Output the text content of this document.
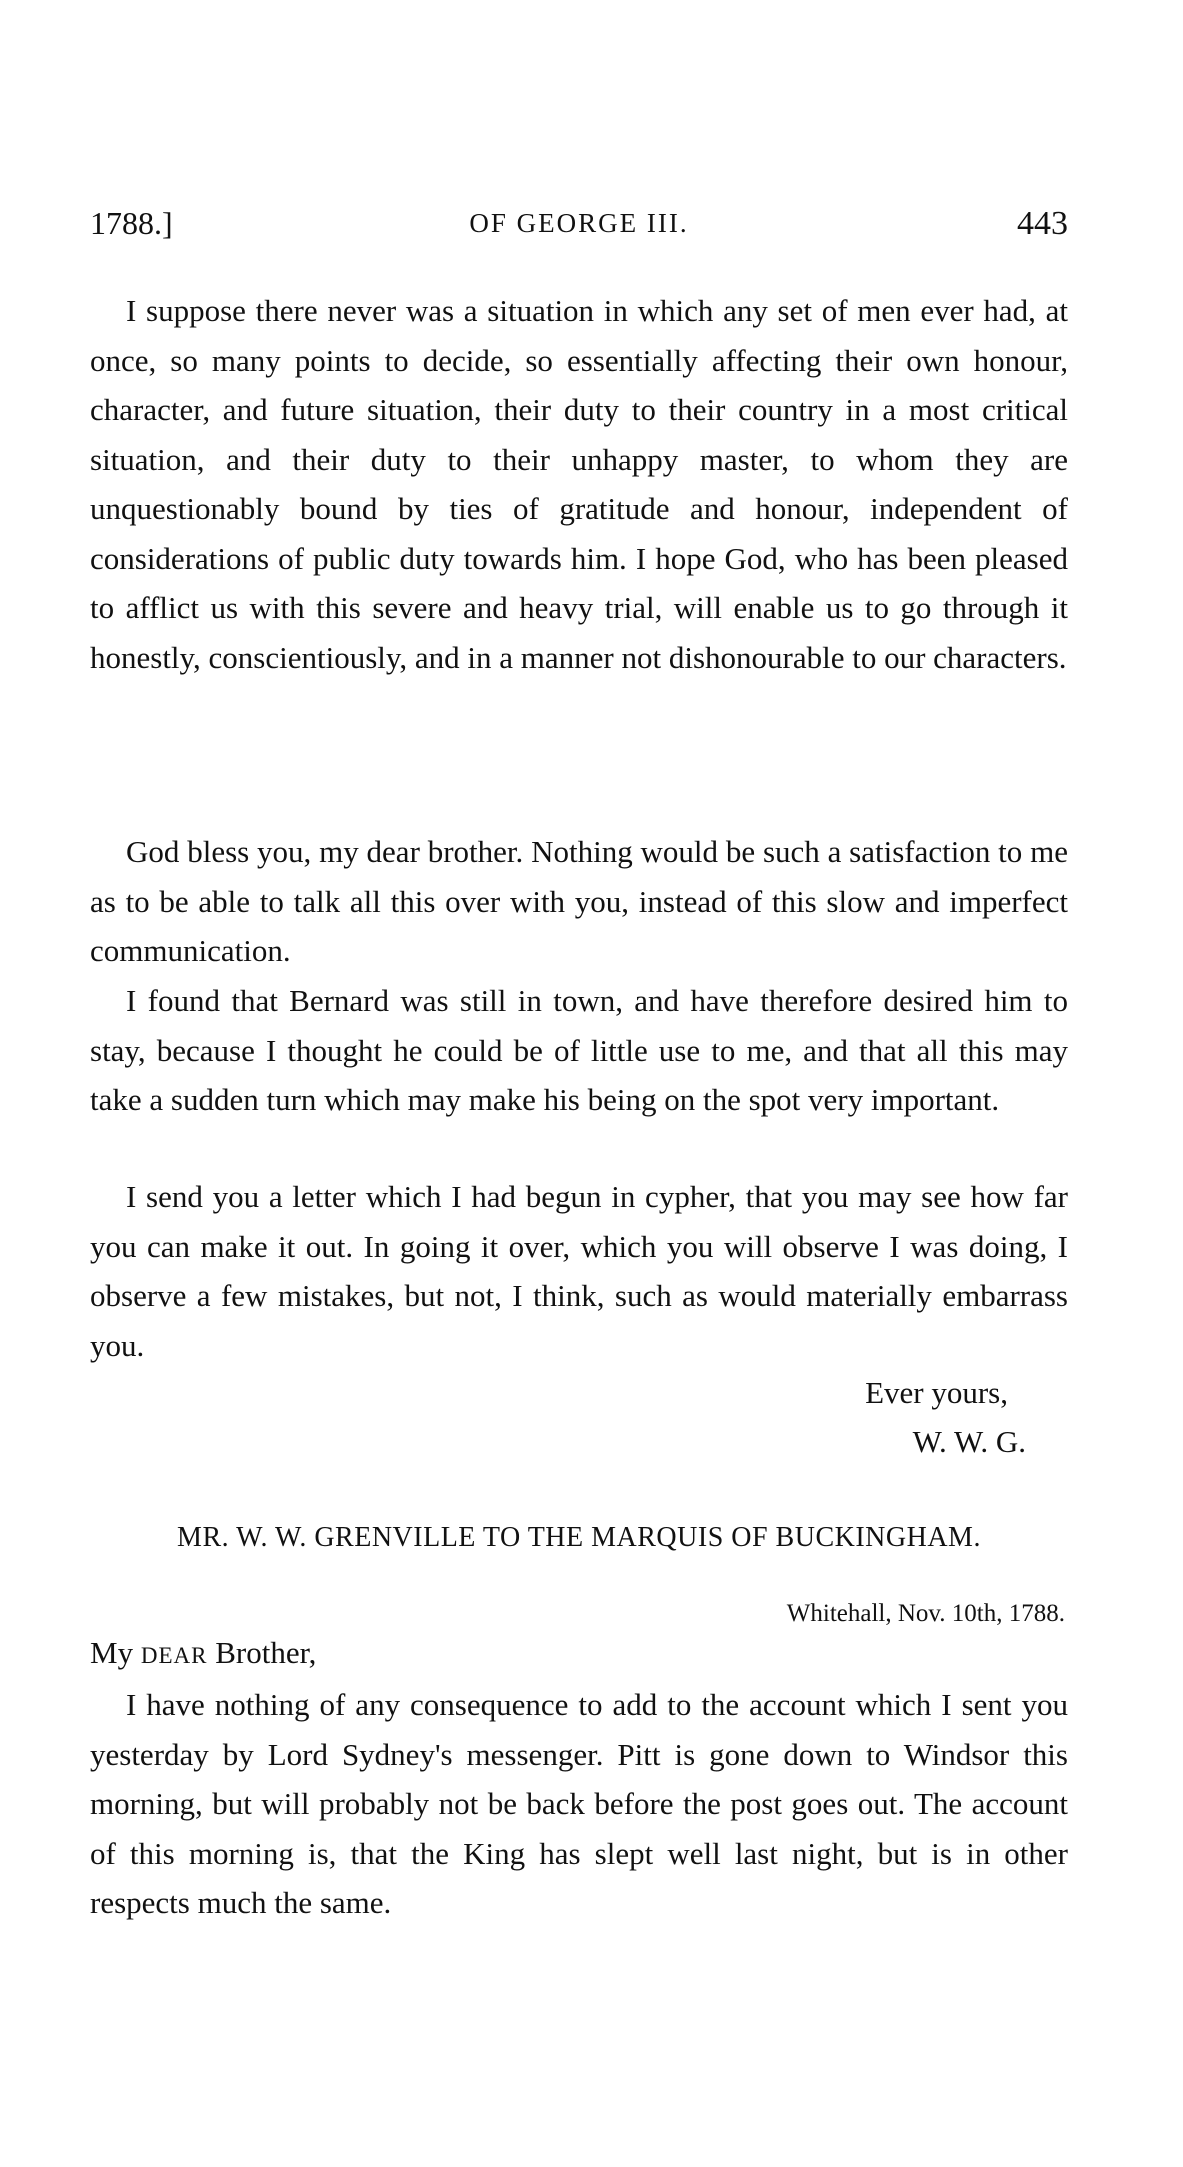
1788.]	OF GEORGE III.	443

I suppose there never was a situation in which any set of men ever had, at once, so many points to decide, so essentially affecting their own honour, character, and future situation, their duty to their country in a most critical situation, and their duty to their unhappy master, to whom they are unquestionably bound by ties of gratitude and honour, independent of considerations of public duty towards him. I hope God, who has been pleased to afflict us with this severe and heavy trial, will enable us to go through it honestly, conscientiously, and in a manner not dishonourable to our characters.

God bless you, my dear brother. Nothing would be such a satisfaction to me as to be able to talk all this over with you, instead of this slow and imperfect communication.

I found that Bernard was still in town, and have therefore desired him to stay, because I thought he could be of little use to me, and that all this may take a sudden turn which may make his being on the spot very important.

I send you a letter which I had begun in cypher, that you may see how far you can make it out. In going it over, which you will observe I was doing, I observe a few mistakes, but not, I think, such as would materially embarrass you.

Ever yours,
W. W. G.
MR. W. W. GRENVILLE TO THE MARQUIS OF BUCKINGHAM.
Whitehall, Nov. 10th, 1788.
My DEAR Brother,

I have nothing of any consequence to add to the account which I sent you yesterday by Lord Sydney's messenger. Pitt is gone down to Windsor this morning, but will probably not be back before the post goes out. The account of this morning is, that the King has slept well last night, but is in other respects much the same.
